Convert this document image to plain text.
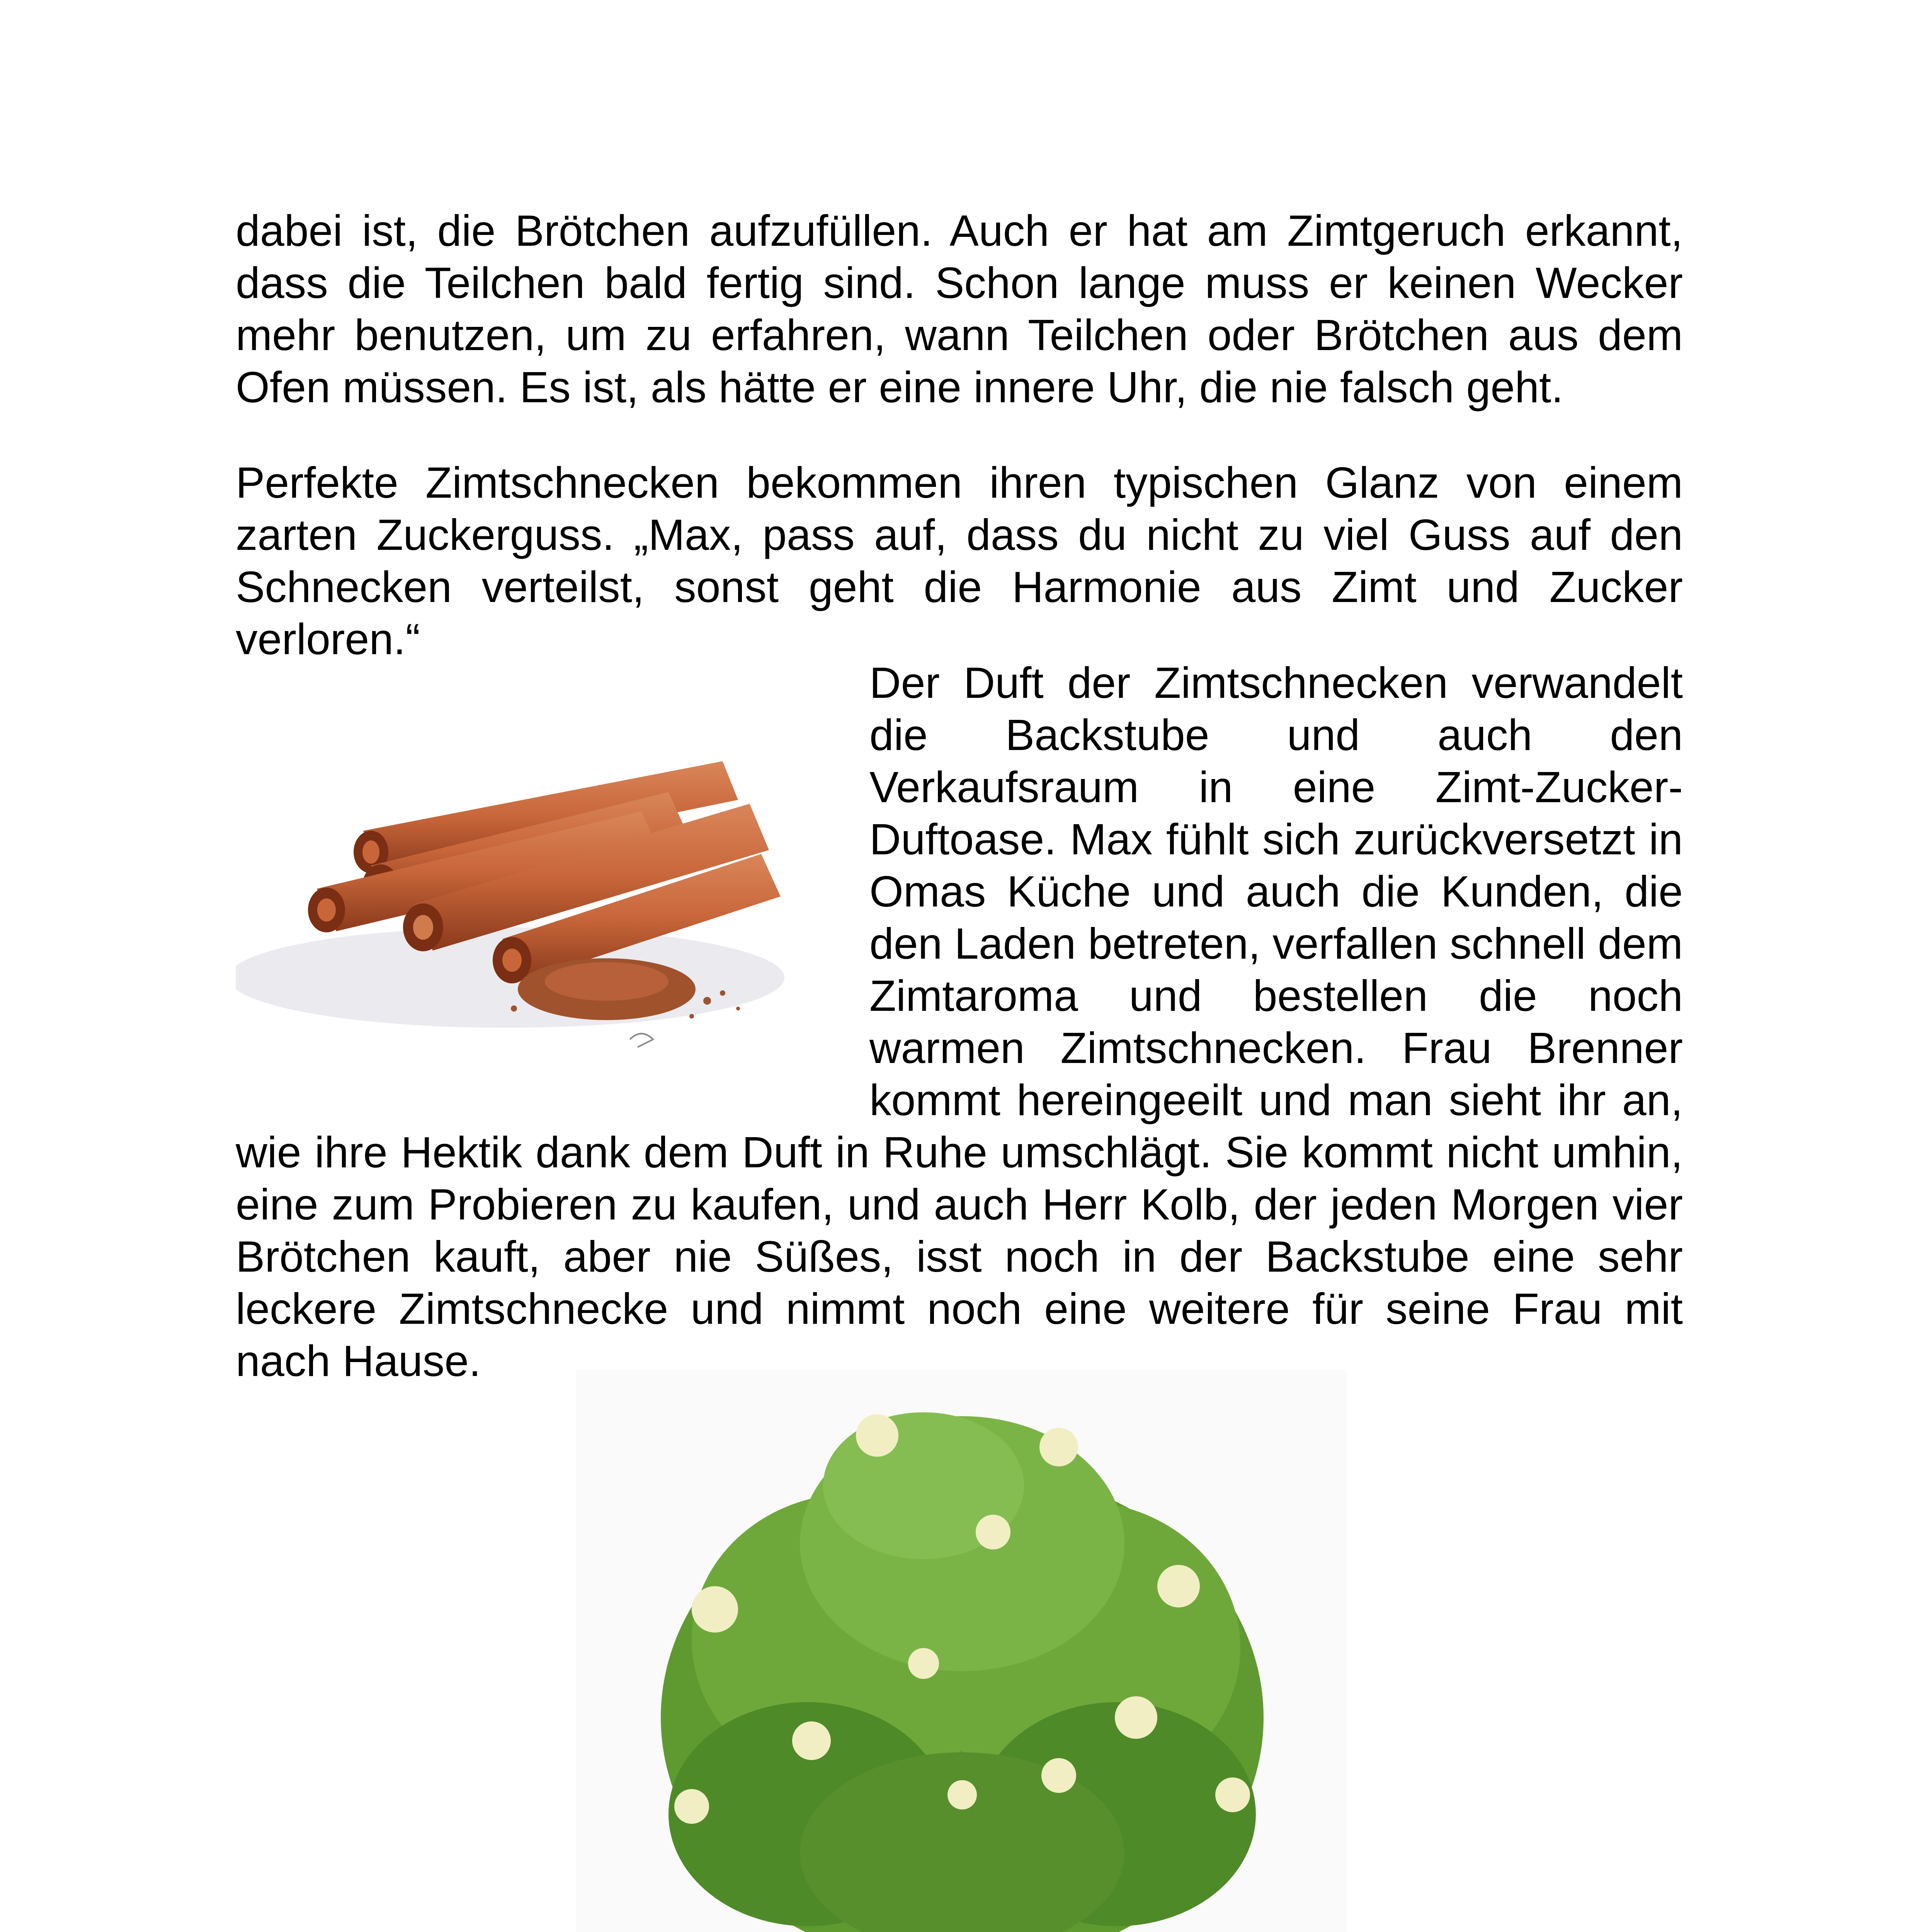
dabei ist, die Brötchen aufzufüllen. Auch er hat am Zimtgeruch erkannt, dass die Teilchen bald fertig sind. Schon lange muss er keinen Wecker mehr benutzen, um zu erfahren, wann Teilchen oder Brötchen aus dem Ofen müssen. Es ist, als hätte er eine innere Uhr, die nie falsch geht.

Perfekte Zimtschnecken bekommen ihren typischen Glanz von einem zarten Zuckerguss. „Max, pass auf, dass du nicht zu viel Guss auf den Schnecken verteilst, sonst geht die Harmonie aus Zimt und Zucker verloren.“

Der Duft der Zimtschnecken verwandelt die Backstube und auch den Verkaufsraum in eine Zimt-Zucker-Duftoase. Max fühlt sich zurückversetzt in Omas Küche und auch die Kunden, die den Laden betreten, verfallen schnell dem Zimtaroma und bestellen die noch warmen Zimtschnecken. Frau Brenner kommt hereingeeilt und man sieht ihr an, wie ihre Hektik dank dem Duft in Ruhe umschlägt. Sie kommt nicht umhin, eine zum Probieren zu kaufen, und auch Herr Kolb, der jeden Morgen vier Brötchen kauft, aber nie Süßes, isst noch in der Backstube eine sehr leckere Zimtschnecke und nimmt noch eine weitere für seine Frau mit nach Hause.
